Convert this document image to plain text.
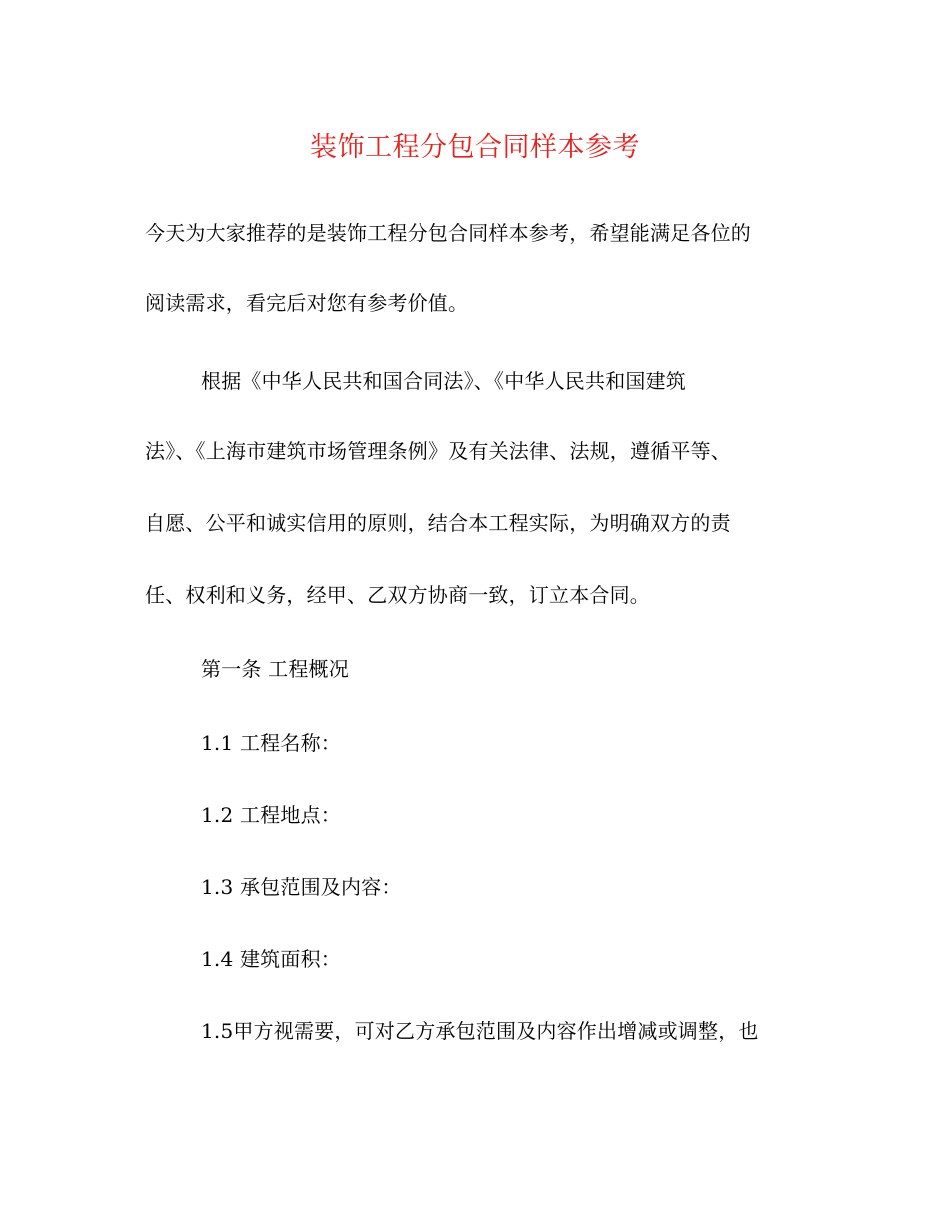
装饰工程分包合同样本参考
今天为大家推荐的是装饰工程分包合同样本参考，希望能满足各位的
阅读需求，看完后对您有参考价值。
根据《中华人民共和国合同法》、《中华人民共和国建筑
法》、《上海市建筑市场管理条例》及有关法律、法规，遵循平等、
自愿、公平和诚实信用的原则，结合本工程实际，为明确双方的责
任、权利和义务，经甲、乙双方协商一致，订立本合同。
第一条 工程概况
1.1 工程名称：
1.2 工程地点：
1.3 承包范围及内容：
1.4 建筑面积：
1.5甲方视需要，可对乙方承包范围及内容作出增减或调整，也
